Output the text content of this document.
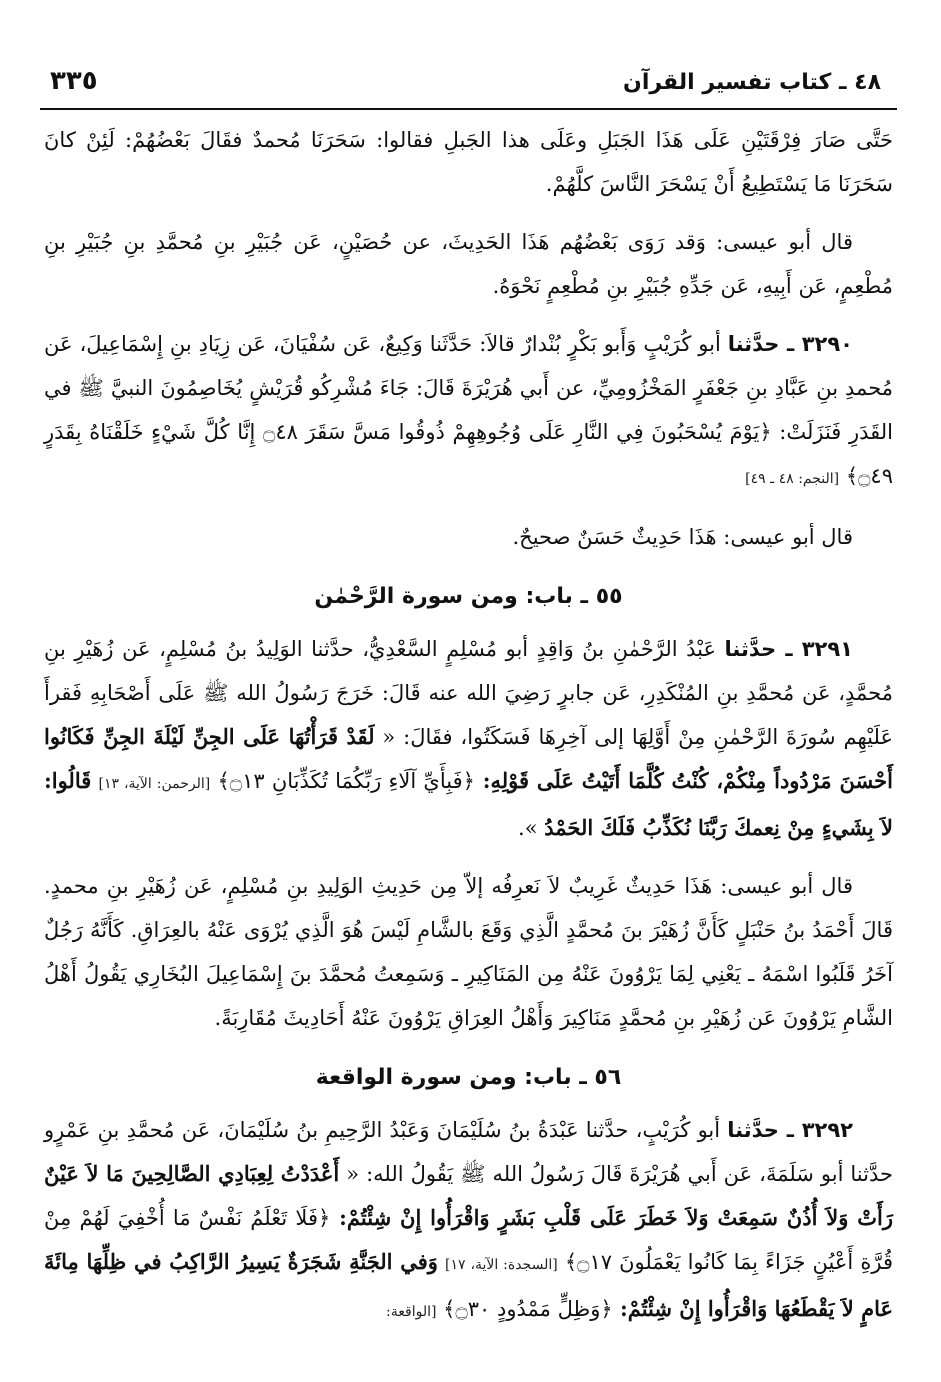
٤٨ ـ كتاب تفسير القرآن
٣٣٥

حَتَّى صَارَ فِرْقَتَيْنِ عَلَى هَذَا الجَبَلِ وعَلَى هذا الجَبلِ فقالوا: سَحَرَنَا مُحمدٌ فقَالَ بَعْضُهُمْ: لَئِنْ كانَ سَحَرَنَا مَا يَسْتَطِيعُ أَنْ يَسْحَرَ النَّاسَ كلَّهُمْ.

قال أبو عيسى: وَقد رَوَى بَعْضُهُم هَذَا الحَدِيثَ، عن حُصَيْنٍ، عَن جُبَيْرِ بنِ مُحمَّدِ بنِ جُبَيْرِ بنِ مُطْعِمٍ، عَن أَبِيهِ، عَن جَدِّهِ جُبَيْرِ بنِ مُطْعِمٍ نَحْوَهُ.

٣٢٩٠ ـ حدَّثنا أبو كُرَيْبٍ وَأَبو بَكْرٍ بُنْدارٌ قالاَ: حَدَّثَنا وَكِيعٌ، عَن سُفْيَانَ، عَن زِيَادِ بنِ إِسْمَاعِيلَ، عَن مُحمدِ بنِ عَبَّادِ بنِ جَعْفَرٍ المَخْزُومِيِّ، عن أَبي هُرَيْرَةَ قَالَ: جَاءَ مُشْرِكُو قُرَيْشٍ يُخَاصِمُونَ النبيَّ ﷺ في القَدَرِ فَنَزَلَتْ: ﴿يَوْمَ يُسْحَبُونَ فِي النَّارِ عَلَى وُجُوهِهِمْ ذُوقُوا مَسَّ سَقَرَ ۝٤٨ إِنَّا كُلَّ شَيْءٍ خَلَقْنَاهُ بِقَدَرٍ ۝٤٩﴾ [النجم: ٤٨ ـ ٤٩]

قال أبو عيسى: هَذَا حَدِيثٌ حَسَنٌ صحيحٌ.

٥٥ ـ باب: ومن سورة الرَّحْمٰن

٣٢٩١ ـ حدَّثنا عَبْدُ الرَّحْمٰنِ بنُ وَاقِدٍ أبو مُسْلِمٍ السَّعْدِيُّ، حدَّثنا الوَلِيدُ بنُ مُسْلِمٍ، عَن زُهَيْرِ بنِ مُحمَّدٍ، عَن مُحمَّدِ بنِ المُنْكَدِرِ، عَن جابرٍ رَضِيَ الله عنه قَالَ: خَرَجَ رَسُولُ الله ﷺ عَلَى أَصْحَابِهِ فَقرأَ عَلَيْهِم سُورَةَ الرَّحْمٰنِ مِنْ أَوَّلِهَا إلى آخِرِهَا فَسَكَتُوا، فقَالَ: « لَقَدْ قَرَأْتُهَا عَلَى الجِنِّ لَيْلَةَ الجِنِّ فَكَانُوا أَحْسَنَ مَرْدُوداً مِنْكُمْ، كُنْتُ كُلَّمَا أَتَيْتُ عَلَى قَوْلِهِ: ﴿فَبِأَيِّ آلَاءِ رَبِّكُمَا تُكَذِّبَانِ ۝١٣﴾ [الرحمن: الآية، ١٣] قَالُوا: لاَ بِشَيءٍ مِنْ نِعمكَ رَبَّنَا نُكَذِّبُ فَلَكَ الحَمْدُ ».

قال أبو عيسى: هَذَا حَدِيثٌ غَرِيبٌ لاَ نَعرِفُه إلاّ مِن حَدِيثِ الوَلِيدِ بنِ مُسْلِمٍ، عَن زُهَيْرِ بنِ محمدٍ. قَالَ أَحْمَدُ بنُ حَنْبَلٍ كَأَنَّ زُهَيْرَ بنَ مُحمَّدٍ الَّذِي وَقَعَ بالشَّامِ لَيْسَ هُوَ الَّذِي يُرْوَى عَنْهُ بالعِرَاقِ. كَأَنَّهُ رَجُلٌ آخَرُ قَلَبُوا اسْمَهُ ـ يَعْنِي لِمَا يَرْوُونَ عَنْهُ مِن المَنَاكِيرِ ـ وَسَمِعتُ مُحمَّدَ بنَ إِسْمَاعِيلَ البُخَارِي يَقُولُ أَهْلُ الشَّامِ يَرْوُونَ عَن زُهَيْرِ بنِ مُحمَّدٍ مَنَاكِيرَ وَأَهْلُ العِرَاقِ يَرْوُونَ عَنْهُ أَحَادِيثَ مُقَارِبَةً.

٥٦ ـ باب: ومن سورة الواقعة

٣٢٩٢ ـ حدَّثنا أبو كُرَيْبٍ، حدَّثنا عَبْدَةُ بنُ سُلَيْمَانَ وَعَبْدُ الرَّحِيمِ بنُ سُلَيْمَانَ، عَن مُحمَّدِ بنِ عَمْرٍو حدَّثنا أبو سَلَمَةَ، عَن أَبي هُرَيْرَةَ قَالَ رَسُولُ الله ﷺ يَقُولُ الله: « أَعْدَدْتُ لِعِبَادِي الصَّالِحِينَ مَا لاَ عَيْنٌ رَأَتْ وَلاَ أُذُنٌ سَمِعَتْ وَلاَ خَطَرَ عَلَى قَلْبِ بَشَرٍ وَاقْرَأُوا إِنْ شِئْتُمْ: ﴿فَلَا تَعْلَمُ نَفْسٌ مَا أُخْفِيَ لَهُمْ مِنْ قُرَّةِ أَعْيُنٍ جَزَاءً بِمَا كَانُوا يَعْمَلُونَ ۝١٧﴾ [السجدة: الآية، ١٧] وَفي الجَنَّةِ شَجَرَةٌ يَسِيرُ الرَّاكِبُ في ظِلِّهَا مِائَةَ عَامٍ لاَ يَقْطَعُهَا وَاقْرَأُوا إِنْ شِئْتُمْ: ﴿وَظِلٍّ مَمْدُودٍ ۝٣٠﴾ [الواقعة:
